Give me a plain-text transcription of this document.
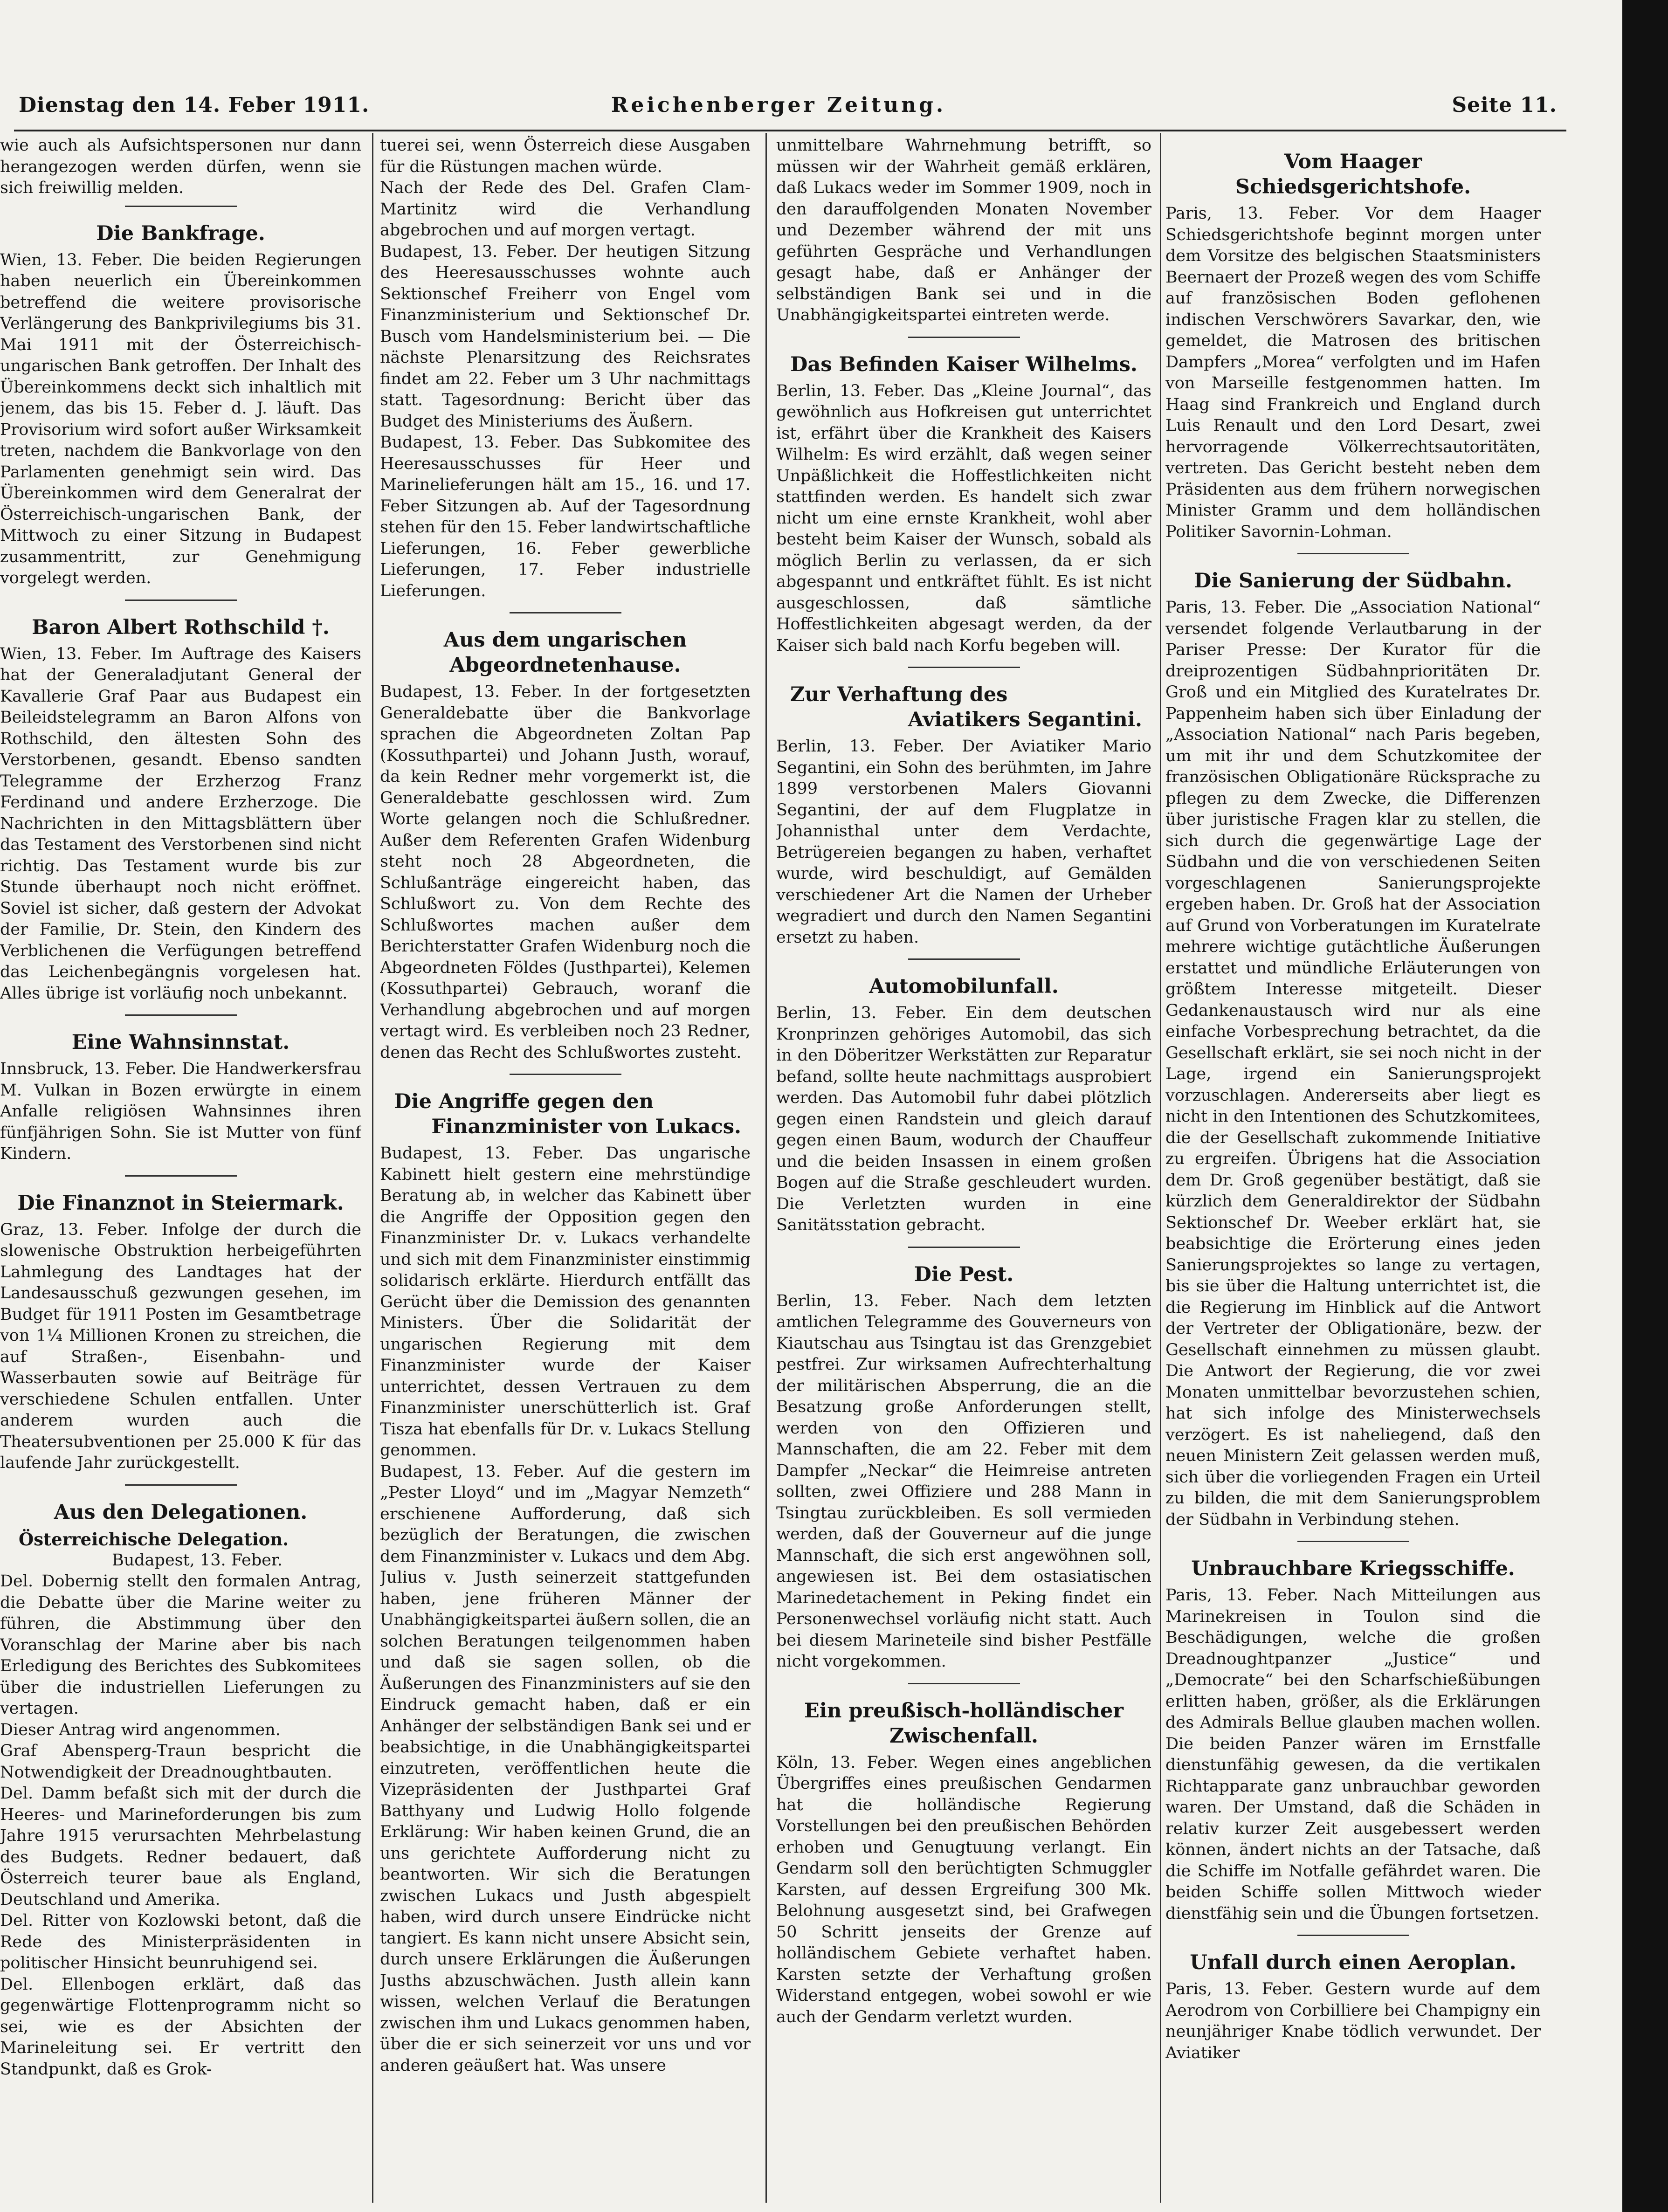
Dienstag den 14. Feber 1911.	Reichenberger Zeitung.	Seite 11.

wie auch als Aufsichtspersonen nur dann herangezogen werden dürfen, wenn sie sich freiwillig melden.

Die Bankfrage.

Wien, 13. Feber. Die beiden Regierungen haben neuerlich ein Übereinkommen betreffend die weitere provisorische Verlängerung des Bankprivilegiums bis 31. Mai 1911 mit der Österreichisch-ungarischen Bank getroffen. Der Inhalt des Übereinkommens deckt sich inhaltlich mit jenem, das bis 15. Feber d. J. läuft. Das Provisorium wird sofort außer Wirksamkeit treten, nachdem die Bankvorlage von den Parlamenten genehmigt sein wird. Das Übereinkommen wird dem Generalrat der Österreichisch-ungarischen Bank, der Mittwoch zu einer Sitzung in Budapest zusammentritt, zur Genehmigung vorgelegt werden.

Baron Albert Rothschild †.

Wien, 13. Feber. Im Auftrage des Kaisers hat der Generaladjutant General der Kavallerie Graf Paar aus Budapest ein Beileidstelegramm an Baron Alfons von Rothschild, den ältesten Sohn des Verstorbenen, gesandt. Ebenso sandten Telegramme der Erzherzog Franz Ferdinand und andere Erzherzoge. Die Nachrichten in den Mittagsblättern über das Testament des Verstorbenen sind nicht richtig. Das Testament wurde bis zur Stunde überhaupt noch nicht eröffnet. Soviel ist sicher, daß gestern der Advokat der Familie, Dr. Stein, den Kindern des Verblichenen die Verfügungen betreffend das Leichenbegängnis vorgelesen hat. Alles übrige ist vorläufig noch unbekannt.

Eine Wahnsinnstat.

Innsbruck, 13. Feber. Die Handwerkersfrau M. Vulkan in Bozen erwürgte in einem Anfalle religiösen Wahnsinnes ihren fünfjährigen Sohn. Sie ist Mutter von fünf Kindern.

Die Finanznot in Steiermark.

Graz, 13. Feber. Infolge der durch die slowenische Obstruktion herbeigeführten Lahmlegung des Landtages hat der Landesausschuß gezwungen gesehen, im Budget für 1911 Posten im Gesamtbetrage von 1¼ Millionen Kronen zu streichen, die auf Straßen-, Eisenbahn- und Wasserbauten sowie auf Beiträge für verschiedene Schulen entfallen. Unter anderem wurden auch die Theatersubventionen per 25.000 K für das laufende Jahr zurückgestellt.

Aus den Delegationen.
Österreichische Delegation.

Budapest, 13. Feber.

Del. Dobernig stellt den formalen Antrag, die Debatte über die Marine weiter zu führen, die Abstimmung über den Voranschlag der Marine aber bis nach Erledigung des Berichtes des Subkomitees über die industriellen Lieferungen zu vertagen.

Dieser Antrag wird angenommen.

Graf Abensperg-Traun bespricht die Notwendigkeit der Dreadnoughtbauten.

Del. Damm befaßt sich mit der durch die Heeres- und Marineforderungen bis zum Jahre 1915 verursachten Mehrbelastung des Budgets. Redner bedauert, daß Österreich teurer baue als England, Deutschland und Amerika.

Del. Ritter von Kozlowski betont, daß die Rede des Ministerpräsidenten in politischer Hinsicht beunruhigend sei.

Del. Ellenbogen erklärt, daß das gegenwärtige Flottenprogramm nicht so sei, wie es der Absichten der Marineleitung sei. Er vertritt den Standpunkt, daß es Grok-

tuerei sei, wenn Österreich diese Ausgaben für die Rüstungen machen würde.

Nach der Rede des Del. Grafen Clam-Martinitz wird die Verhandlung abgebrochen und auf morgen vertagt.

Budapest, 13. Feber. Der heutigen Sitzung des Heeresausschusses wohnte auch Sektionschef Freiherr von Engel vom Finanzministerium und Sektionschef Dr. Busch vom Handelsministerium bei. — Die nächste Plenarsitzung des Reichsrates findet am 22. Feber um 3 Uhr nachmittags statt. Tagesordnung: Bericht über das Budget des Ministeriums des Äußern.

Budapest, 13. Feber. Das Subkomitee des Heeresausschusses für Heer und Marinelieferungen hält am 15., 16. und 17. Feber Sitzungen ab. Auf der Tagesordnung stehen für den 15. Feber landwirtschaftliche Lieferungen, 16. Feber gewerbliche Lieferungen, 17. Feber industrielle Lieferungen.

Aus dem ungarischen Abgeordnetenhause.

Budapest, 13. Feber. In der fortgesetzten Generaldebatte über die Bankvorlage sprachen die Abgeordneten Zoltan Pap (Kossuthpartei) und Johann Justh, worauf, da kein Redner mehr vorgemerkt ist, die Generaldebatte geschlossen wird. Zum Worte gelangen noch die Schlußredner. Außer dem Referenten Grafen Widenburg steht noch 28 Abgeordneten, die Schlußanträge eingereicht haben, das Schlußwort zu. Von dem Rechte des Schlußwortes machen außer dem Berichterstatter Grafen Widenburg noch die Abgeordneten Földes (Justhpartei), Kelemen (Kossuthpartei) Gebrauch, woranf die Verhandlung abgebrochen und auf morgen vertagt wird. Es verbleiben noch 23 Redner, denen das Recht des Schlußwortes zusteht.

Die Angriffe gegen den
Finanzminister von Lukacs.

Budapest, 13. Feber. Das ungarische Kabinett hielt gestern eine mehrstündige Beratung ab, in welcher das Kabinett über die Angriffe der Opposition gegen den Finanzminister Dr. v. Lukacs verhandelte und sich mit dem Finanzminister einstimmig solidarisch erklärte. Hierdurch entfällt das Gerücht über die Demission des genannten Ministers. Über die Solidarität der ungarischen Regierung mit dem Finanzminister wurde der Kaiser unterrichtet, dessen Vertrauen zu dem Finanzminister unerschütterlich ist. Graf Tisza hat ebenfalls für Dr. v. Lukacs Stellung genommen.

Budapest, 13. Feber. Auf die gestern im „Pester Lloyd“ und im „Magyar Nemzeth“ erschienene Aufforderung, daß sich bezüglich der Beratungen, die zwischen dem Finanzminister v. Lukacs und dem Abg. Julius v. Justh seinerzeit stattgefunden haben, jene früheren Männer der Unabhängigkeitspartei äußern sollen, die an solchen Beratungen teilgenommen haben und daß sie sagen sollen, ob die Äußerungen des Finanzministers auf sie den Eindruck gemacht haben, daß er ein Anhänger der selbständigen Bank sei und er beabsichtige, in die Unabhängigkeitspartei einzutreten, veröffentlichen heute die Vizepräsidenten der Justhpartei Graf Batthyany und Ludwig Hollo folgende Erklärung: Wir haben keinen Grund, die an uns gerichtete Aufforderung nicht zu beantworten. Wir sich die Beratungen zwischen Lukacs und Justh abgespielt haben, wird durch unsere Eindrücke nicht tangiert. Es kann nicht unsere Absicht sein, durch unsere Erklärungen die Äußerungen Jusths abzuschwächen. Justh allein kann wissen, welchen Verlauf die Beratungen zwischen ihm und Lukacs genommen haben, über die er sich seinerzeit vor uns und vor anderen geäußert hat. Was unsere

unmittelbare Wahrnehmung betrifft, so müssen wir der Wahrheit gemäß erklären, daß Lukacs weder im Sommer 1909, noch in den darauffolgenden Monaten November und Dezember während der mit uns geführten Gespräche und Verhandlungen gesagt habe, daß er Anhänger der selbständigen Bank sei und in die Unabhängigkeitspartei eintreten werde.

Das Befinden Kaiser Wilhelms.

Berlin, 13. Feber. Das „Kleine Journal“, das gewöhnlich aus Hofkreisen gut unterrichtet ist, erfährt über die Krankheit des Kaisers Wilhelm: Es wird erzählt, daß wegen seiner Unpäßlichkeit die Hoffestlichkeiten nicht stattfinden werden. Es handelt sich zwar nicht um eine ernste Krankheit, wohl aber besteht beim Kaiser der Wunsch, sobald als möglich Berlin zu verlassen, da er sich abgespannt und entkräftet fühlt. Es ist nicht ausgeschlossen, daß sämtliche Hoffestlichkeiten abgesagt werden, da der Kaiser sich bald nach Korfu begeben will.

Zur Verhaftung des
Aviatikers Segantini.

Berlin, 13. Feber. Der Aviatiker Mario Segantini, ein Sohn des berühmten, im Jahre 1899 verstorbenen Malers Giovanni Segantini, der auf dem Flugplatze in Johannisthal unter dem Verdachte, Betrügereien begangen zu haben, verhaftet wurde, wird beschuldigt, auf Gemälden verschiedener Art die Namen der Urheber wegradiert und durch den Namen Segantini ersetzt zu haben.

Automobilunfall.

Berlin, 13. Feber. Ein dem deutschen Kronprinzen gehöriges Automobil, das sich in den Döberitzer Werkstätten zur Reparatur befand, sollte heute nachmittags ausprobiert werden. Das Automobil fuhr dabei plötzlich gegen einen Randstein und gleich darauf gegen einen Baum, wodurch der Chauffeur und die beiden Insassen in einem großen Bogen auf die Straße geschleudert wurden. Die Verletzten wurden in eine Sanitätsstation gebracht.

Die Pest.

Berlin, 13. Feber. Nach dem letzten amtlichen Telegramme des Gouverneurs von Kiautschau aus Tsingtau ist das Grenzgebiet pestfrei. Zur wirksamen Aufrechterhaltung der militärischen Absperrung, die an die Besatzung große Anforderungen stellt, werden von den Offizieren und Mannschaften, die am 22. Feber mit dem Dampfer „Neckar“ die Heimreise antreten sollten, zwei Offiziere und 288 Mann in Tsingtau zurückbleiben. Es soll vermieden werden, daß der Gouverneur auf die junge Mannschaft, die sich erst angewöhnen soll, angewiesen ist. Bei dem ostasiatischen Marinedetachement in Peking findet ein Personenwechsel vorläufig nicht statt. Auch bei diesem Marineteile sind bisher Pestfälle nicht vorgekommen.

Ein preußisch-holländischer Zwischenfall.

Köln, 13. Feber. Wegen eines angeblichen Übergriffes eines preußischen Gendarmen hat die holländische Regierung Vorstellungen bei den preußischen Behörden erhoben und Genugtuung verlangt. Ein Gendarm soll den berüchtigten Schmuggler Karsten, auf dessen Ergreifung 300 Mk. Belohnung ausgesetzt sind, bei Grafwegen 50 Schritt jenseits der Grenze auf holländischem Gebiete verhaftet haben. Karsten setzte der Verhaftung großen Widerstand entgegen, wobei sowohl er wie auch der Gendarm verletzt wurden.

Vom Haager Schiedsgerichtshofe.

Paris, 13. Feber. Vor dem Haager Schiedsgerichtshofe beginnt morgen unter dem Vorsitze des belgischen Staatsministers Beernaert der Prozeß wegen des vom Schiffe auf französischen Boden geflohenen indischen Verschwörers Savarkar, den, wie gemeldet, die Matrosen des britischen Dampfers „Morea“ verfolgten und im Hafen von Marseille festgenommen hatten. Im Haag sind Frankreich und England durch Luis Renault und den Lord Desart, zwei hervorragende Völkerrechtsautoritäten, vertreten. Das Gericht besteht neben dem Präsidenten aus dem frühern norwegischen Minister Gramm und dem holländischen Politiker Savornin-Lohman.

Die Sanierung der Südbahn.

Paris, 13. Feber. Die „Association National“ versendet folgende Verlautbarung in der Pariser Presse: Der Kurator für die dreiprozentigen Südbahnprioritäten Dr. Groß und ein Mitglied des Kuratelrates Dr. Pappenheim haben sich über Einladung der „Association National“ nach Paris begeben, um mit ihr und dem Schutzkomitee der französischen Obligationäre Rücksprache zu pflegen zu dem Zwecke, die Differenzen über juristische Fragen klar zu stellen, die sich durch die gegenwärtige Lage der Südbahn und die von verschiedenen Seiten vorgeschlagenen Sanierungsprojekte ergeben haben. Dr. Groß hat der Association auf Grund von Vorberatungen im Kuratelrate mehrere wichtige gutächtliche Äußerungen erstattet und mündliche Erläuterungen von größtem Interesse mitgeteilt. Dieser Gedankenaustausch wird nur als eine einfache Vorbesprechung betrachtet, da die Gesellschaft erklärt, sie sei noch nicht in der Lage, irgend ein Sanierungsprojekt vorzuschlagen. Andererseits aber liegt es nicht in den Intentionen des Schutzkomitees, die der Gesellschaft zukommende Initiative zu ergreifen. Übrigens hat die Association dem Dr. Groß gegenüber bestätigt, daß sie kürzlich dem Generaldirektor der Südbahn Sektionschef Dr. Weeber erklärt hat, sie beabsichtige die Erörterung eines jeden Sanierungsprojektes so lange zu vertagen, bis sie über die Haltung unterrichtet ist, die die Regierung im Hinblick auf die Antwort der Vertreter der Obligationäre, bezw. der Gesellschaft einnehmen zu müssen glaubt. Die Antwort der Regierung, die vor zwei Monaten unmittelbar bevorzustehen schien, hat sich infolge des Ministerwechsels verzögert. Es ist naheliegend, daß den neuen Ministern Zeit gelassen werden muß, sich über die vorliegenden Fragen ein Urteil zu bilden, die mit dem Sanierungsproblem der Südbahn in Verbindung stehen.

Unbrauchbare Kriegsschiffe.

Paris, 13. Feber. Nach Mitteilungen aus Marinekreisen in Toulon sind die Beschädigungen, welche die großen Dreadnoughtpanzer „Justice“ und „Democrate“ bei den Scharfschießübungen erlitten haben, größer, als die Erklärungen des Admirals Bellue glauben machen wollen. Die beiden Panzer wären im Ernstfalle dienstunfähig gewesen, da die vertikalen Richtapparate ganz unbrauchbar geworden waren. Der Umstand, daß die Schäden in relativ kurzer Zeit ausgebessert werden können, ändert nichts an der Tatsache, daß die Schiffe im Notfalle gefährdet waren. Die beiden Schiffe sollen Mittwoch wieder dienstfähig sein und die Übungen fortsetzen.

Unfall durch einen Aeroplan.

Paris, 13. Feber. Gestern wurde auf dem Aerodrom von Corbilliere bei Champigny ein neunjähriger Knabe tödlich verwundet. Der Aviatiker
